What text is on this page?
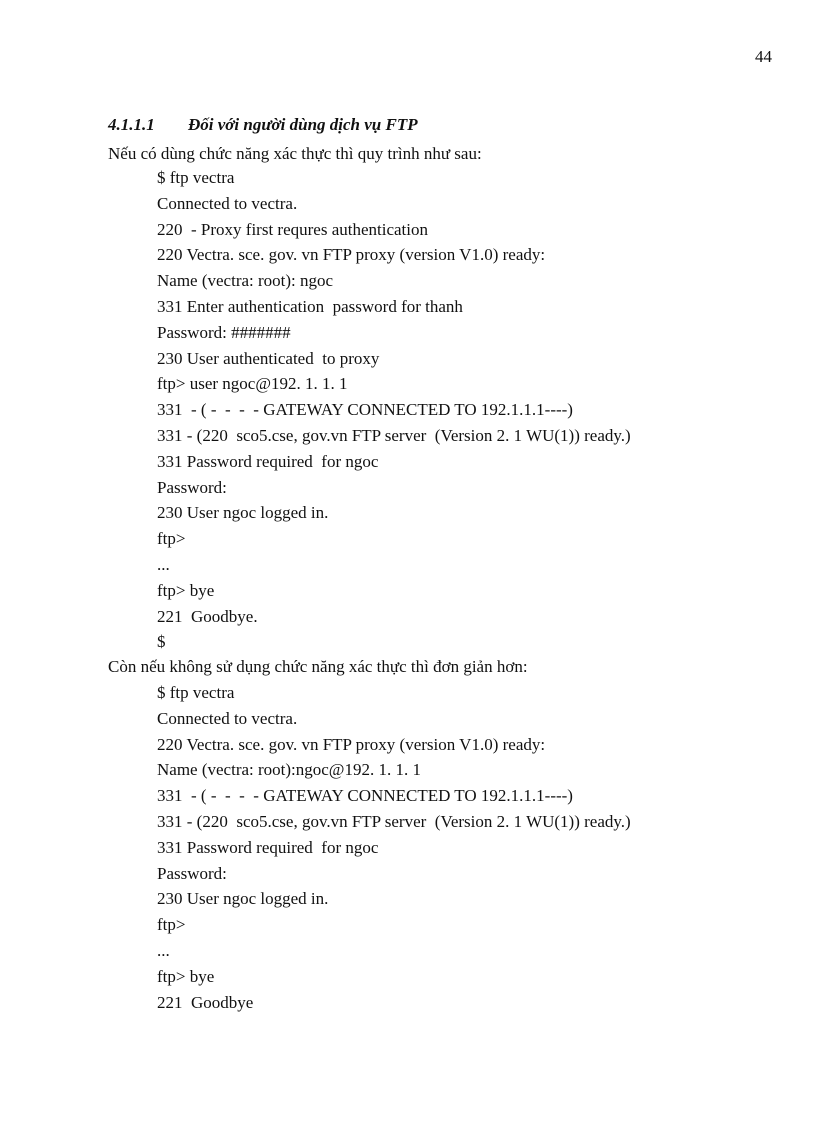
44
4.1.1.1 Đối với người dùng dịch vụ FTP
Nếu có dùng chức năng xác thực thì quy trình như sau:
$ ftp vectra
Connected to vectra.
220  - Proxy first requres authentication
220 Vectra. sce. gov. vn FTP proxy (version V1.0) ready:
Name (vectra: root): ngoc
331 Enter authentication  password for thanh
Password: #######
230 User authenticated  to proxy
ftp> user ngoc@192. 1. 1. 1
331  - ( -  -  -  - GATEWAY CONNECTED TO 192.1.1.1----)
331 - (220  sco5.cse, gov.vn FTP server  (Version 2. 1 WU(1)) ready.)
331 Password required  for ngoc
Password:
230 User ngoc logged in.
ftp>
...
ftp> bye
221  Goodbye.
$
Còn nếu không sử dụng chức năng xác thực thì đơn giản hơn:
$ ftp vectra
Connected to vectra.
220 Vectra. sce. gov. vn FTP proxy (version V1.0) ready:
Name (vectra: root):ngoc@192. 1. 1. 1
331  - ( -  -  -  - GATEWAY CONNECTED TO 192.1.1.1----)
331 - (220  sco5.cse, gov.vn FTP server  (Version 2. 1 WU(1)) ready.)
331 Password required  for ngoc
Password:
230 User ngoc logged in.
ftp>
...
ftp> bye
221  Goodbye
